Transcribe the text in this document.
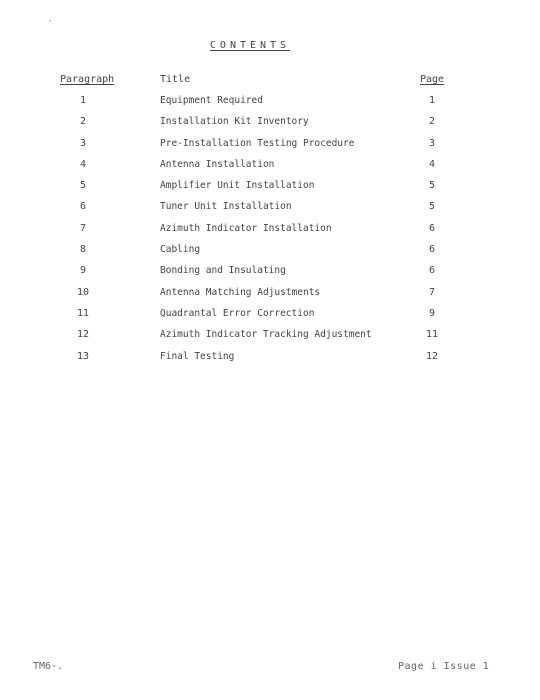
CONTENTS
Paragraph	Title	Page
1	Equipment Required	1
2	Installation Kit Inventory	2
3	Pre-Installation Testing Procedure	3
4	Antenna Installation	4
5	Amplifier Unit Installation	5
6	Tuner Unit Installation	5
7	Azimuth Indicator Installation	6
8	Cabling	6
9	Bonding and Insulating	6
10	Antenna Matching Adjustments	7
11	Quadrantal Error Correction	9
12	Azimuth Indicator Tracking Adjustment	11
13	Final Testing	12
TM6-.	Page i Issue 1
